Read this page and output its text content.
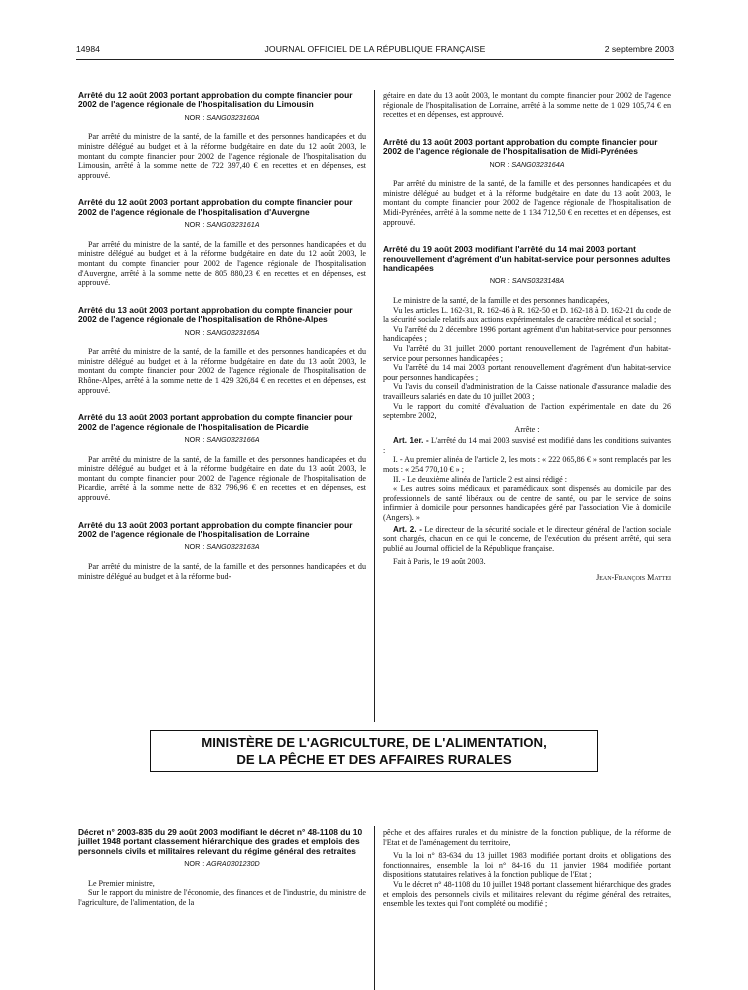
14984	JOURNAL OFFICIEL DE LA RÉPUBLIQUE FRANÇAISE	2 septembre 2003

Arrêté du 12 août 2003 portant approbation du compte financier pour 2002 de l'agence régionale de l'hospitalisation du Limousin

NOR : SANG0323160A

Par arrêté du ministre de la santé, de la famille et des personnes handicapées et du ministre délégué au budget et à la réforme budgétaire en date du 12 août 2003, le montant du compte financier pour 2002 de l'agence régionale de l'hospitalisation du Limousin, arrêté à la somme nette de 722 397,40 € en recettes et en dépenses, est approuvé.

Arrêté du 12 août 2003 portant approbation du compte financier pour 2002 de l'agence régionale de l'hospitalisation d'Auvergne

NOR : SANG0323161A

Par arrêté du ministre de la santé, de la famille et des personnes handicapées et du ministre délégué au budget et à la réforme budgétaire en date du 12 août 2003, le montant du compte financier pour 2002 de l'agence régionale de l'hospitalisation d'Auvergne, arrêté à la somme nette de 805 880,23 € en recettes et en dépenses, est approuvé.

Arrêté du 13 août 2003 portant approbation du compte financier pour 2002 de l'agence régionale de l'hospitalisation de Rhône-Alpes

NOR : SANG0323165A

Par arrêté du ministre de la santé, de la famille et des personnes handicapées et du ministre délégué au budget et à la réforme budgétaire en date du 13 août 2003, le montant du compte financier pour 2002 de l'agence régionale de l'hospitalisation de Rhône-Alpes, arrêté à la somme nette de 1 429 326,84 € en recettes et en dépenses, est approuvé.

Arrêté du 13 août 2003 portant approbation du compte financier pour 2002 de l'agence régionale de l'hospitalisation de Picardie

NOR : SANG0323166A

Par arrêté du ministre de la santé, de la famille et des personnes handicapées et du ministre délégué au budget et à la réforme budgétaire en date du 13 août 2003, le montant du compte financier pour 2002 de l'agence régionale de l'hospitalisation de Picardie, arrêté à la somme nette de 832 796,96 € en recettes et en dépenses, est approuvé.

Arrêté du 13 août 2003 portant approbation du compte financier pour 2002 de l'agence régionale de l'hospitalisation de Lorraine

NOR : SANG0323163A

Par arrêté du ministre de la santé, de la famille et des personnes handicapées et du ministre délégué au budget et à la réforme bud-

gétaire en date du 13 août 2003, le montant du compte financier pour 2002 de l'agence régionale de l'hospitalisation de Lorraine, arrêté à la somme nette de 1 029 105,74 € en recettes et en dépenses, est approuvé.

Arrêté du 13 août 2003 portant approbation du compte financier pour 2002 de l'agence régionale de l'hospitalisation de Midi-Pyrénées

NOR : SANG0323164A

Par arrêté du ministre de la santé, de la famille et des personnes handicapées et du ministre délégué au budget et à la réforme budgétaire en date du 13 août 2003, le montant du compte financier pour 2002 de l'agence régionale de l'hospitalisation de Midi-Pyrénées, arrêté à la somme nette de 1 134 712,50 € en recettes et en dépenses, est approuvé.

Arrêté du 19 août 2003 modifiant l'arrêté du 14 mai 2003 portant renouvellement d'agrément d'un habitat-service pour personnes adultes handicapées

NOR : SANS0323148A

Le ministre de la santé, de la famille et des personnes handicapées,

Vu les articles L. 162-31, R. 162-46 à R. 162-50 et D. 162-18 à D. 162-21 du code de la sécurité sociale relatifs aux actions expérimentales de caractère médical et social ;

Vu l'arrêté du 2 décembre 1996 portant agrément d'un habitat-service pour personnes handicapées ;

Vu l'arrêté du 31 juillet 2000 portant renouvellement de l'agrément d'un habitat-service pour personnes handicapées ;

Vu l'arrêté du 14 mai 2003 portant renouvellement d'agrément d'un habitat-service pour personnes handicapées ;

Vu l'avis du conseil d'administration de la Caisse nationale d'assurance maladie des travailleurs salariés en date du 10 juillet 2003 ;

Vu le rapport du comité d'évaluation de l'action expérimentale en date du 26 septembre 2002,

Arrête :

Art. 1er. - L'arrêté du 14 mai 2003 susvisé est modifié dans les conditions suivantes :

I. - Au premier alinéa de l'article 2, les mots : « 222 065,86 € » sont remplacés par les mots : « 254 770,10 € » ;

II. - Le deuxième alinéa de l'article 2 est ainsi rédigé :

« Les autres soins médicaux et paramédicaux sont dispensés au domicile par des professionnels de santé libéraux ou de centre de santé, ou par le service de soins infirmier à domicile pour personnes handicapées géré par l'association Vie à domicile (Angers). »

Art. 2. - Le directeur de la sécurité sociale et le directeur général de l'action sociale sont chargés, chacun en ce qui le concerne, de l'exécution du présent arrêté, qui sera publié au Journal officiel de la République française.

Fait à Paris, le 19 août 2003.

Jean-François Mattei

MINISTÈRE DE L'AGRICULTURE, DE L'ALIMENTATION,
DE LA PÊCHE ET DES AFFAIRES RURALES

Décret n° 2003-835 du 29 août 2003 modifiant le décret n° 48-1108 du 10 juillet 1948 portant classement hiérarchique des grades et emplois des personnels civils et militaires relevant du régime général des retraites

NOR : AGRA0301230D

Le Premier ministre,

Sur le rapport du ministre de l'économie, des finances et de l'industrie, du ministre de l'agriculture, de l'alimentation, de la

pêche et des affaires rurales et du ministre de la fonction publique, de la réforme de l'Etat et de l'aménagement du territoire,

Vu la loi n° 83-634 du 13 juillet 1983 modifiée portant droits et obligations des fonctionnaires, ensemble la loi n° 84-16 du 11 janvier 1984 modifiée portant dispositions statutaires relatives à la fonction publique de l'Etat ;

Vu le décret n° 48-1108 du 10 juillet 1948 portant classement hiérarchique des grades et emplois des personnels civils et militaires relevant du régime général des retraites, ensemble les textes qui l'ont complété ou modifié ;
